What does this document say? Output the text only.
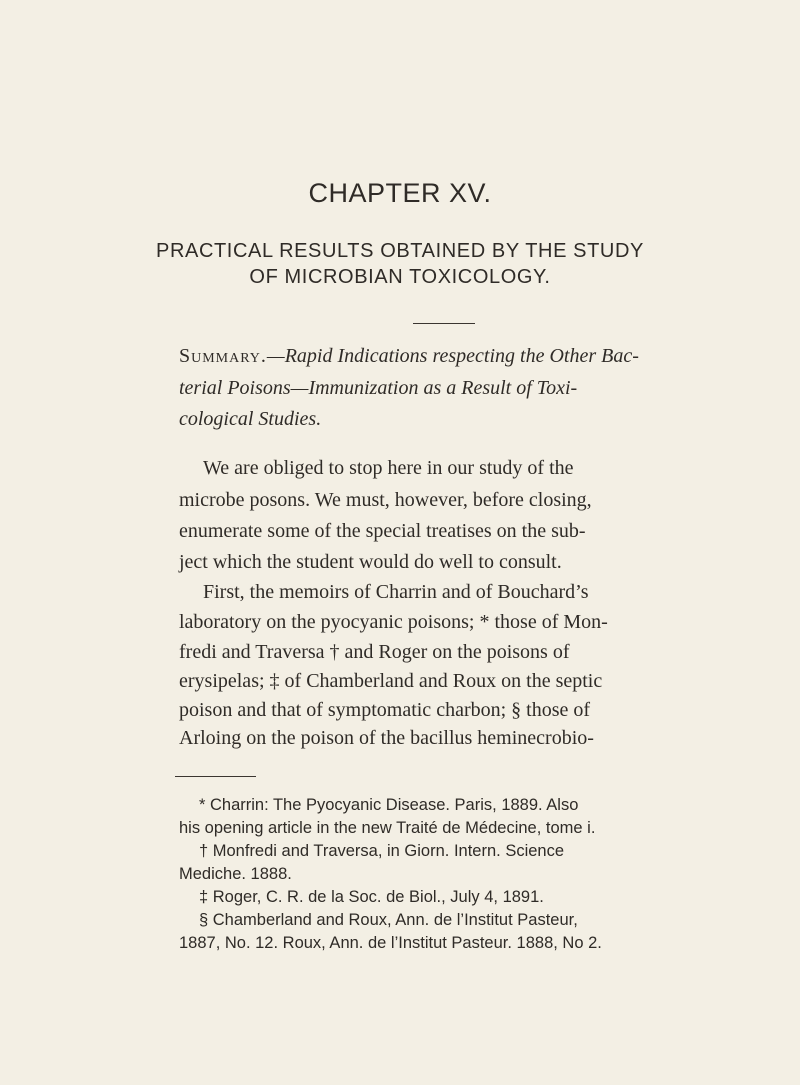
CHAPTER XV.
PRACTICAL RESULTS OBTAINED BY THE STUDY
OF MICROBIAN TOXICOLOGY.
Summary.—Rapid Indications respecting the Other Bac-
terial Poisons—Immunization as a Result of Toxi-
cological Studies.
We are obliged to stop here in our study of the
microbe posons. We must, however, before closing,
enumerate some of the special treatises on the sub-
ject which the student would do well to consult.
First, the memoirs of Charrin and of Bouchard’s
laboratory on the pyocyanic poisons; * those of Mon-
fredi and Traversa † and Roger on the poisons of
erysipelas; ‡ of Chamberland and Roux on the septic
poison and that of symptomatic charbon; § those of
Arloing on the poison of the bacillus heminecrobio-
* Charrin: The Pyocyanic Disease. Paris, 1889. Also
his opening article in the new Traité de Médecine, tome i.
† Monfredi and Traversa, in Giorn. Intern. Science
Mediche. 1888.
‡ Roger, C. R. de la Soc. de Biol., July 4, 1891.
§ Chamberland and Roux, Ann. de l’Institut Pasteur,
1887, No. 12. Roux, Ann. de l’Institut Pasteur. 1888, No 2.
